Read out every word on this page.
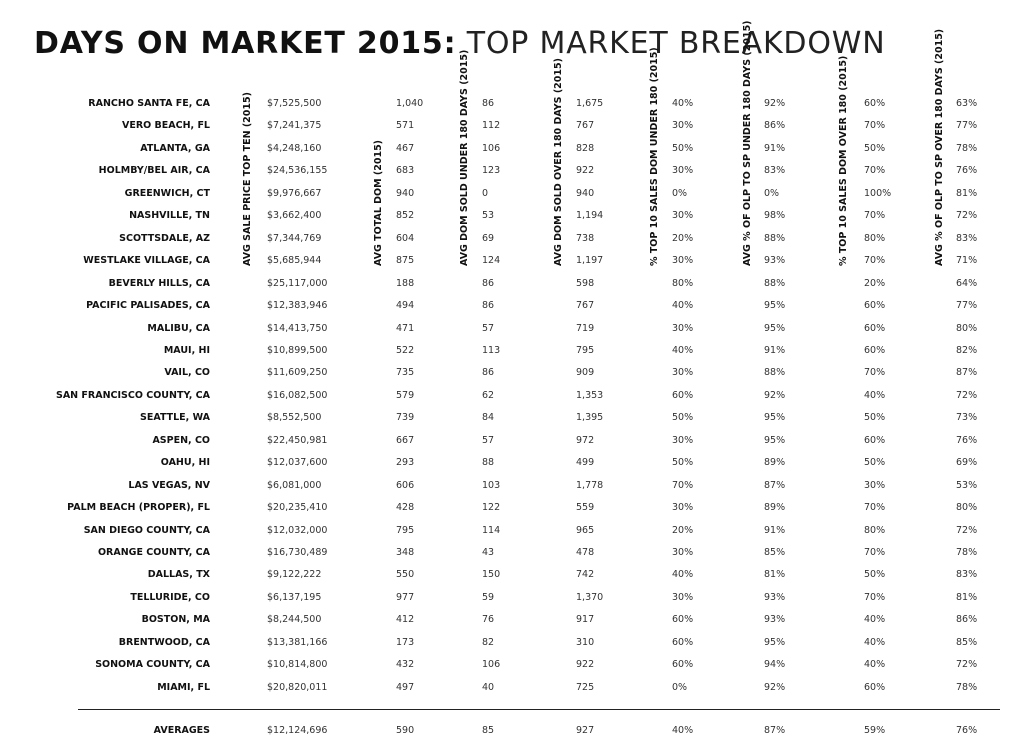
DAYS ON MARKET 2015: TOP MARKET BREAKDOWN
AVG SALE PRICE TOP TEN (2015)	AVG TOTAL DOM (2015)	AVG DOM SOLD UNDER 180 DAYS (2015)	AVG DOM SOLD OVER 180 DAYS (2015)	% TOP 10 SALES DOM UNDER 180 (2015)	AVG % OF OLP TO SP UNDER 180 DAYS (2015)	% TOP 10 SALES DOM OVER 180 (2015)	AVG % OF OLP TO SP OVER 180 DAYS (2015)
RANCHO SANTA FE, CA	$7,525,500	1,040	86	1,675	40%	92%	60%	63%
VERO BEACH, FL	$7,241,375	571	112	767	30%	86%	70%	77%
ATLANTA, GA	$4,248,160	467	106	828	50%	91%	50%	78%
HOLMBY/BEL AIR, CA	$24,536,155	683	123	922	30%	83%	70%	76%
GREENWICH, CT	$9,976,667	940	0	940	0%	0%	100%	81%
NASHVILLE, TN	$3,662,400	852	53	1,194	30%	98%	70%	72%
SCOTTSDALE, AZ	$7,344,769	604	69	738	20%	88%	80%	83%
WESTLAKE VILLAGE, CA	$5,685,944	875	124	1,197	30%	93%	70%	71%
BEVERLY HILLS, CA	$25,117,000	188	86	598	80%	88%	20%	64%
PACIFIC PALISADES, CA	$12,383,946	494	86	767	40%	95%	60%	77%
MALIBU, CA	$14,413,750	471	57	719	30%	95%	60%	80%
MAUI, HI	$10,899,500	522	113	795	40%	91%	60%	82%
VAIL, CO	$11,609,250	735	86	909	30%	88%	70%	87%
SAN FRANCISCO COUNTY, CA	$16,082,500	579	62	1,353	60%	92%	40%	72%
SEATTLE, WA	$8,552,500	739	84	1,395	50%	95%	50%	73%
ASPEN, CO	$22,450,981	667	57	972	30%	95%	60%	76%
OAHU, HI	$12,037,600	293	88	499	50%	89%	50%	69%
LAS VEGAS, NV	$6,081,000	606	103	1,778	70%	87%	30%	53%
PALM BEACH (PROPER), FL	$20,235,410	428	122	559	30%	89%	70%	80%
SAN DIEGO COUNTY, CA	$12,032,000	795	114	965	20%	91%	80%	72%
ORANGE COUNTY, CA	$16,730,489	348	43	478	30%	85%	70%	78%
DALLAS, TX	$9,122,222	550	150	742	40%	81%	50%	83%
TELLURIDE, CO	$6,137,195	977	59	1,370	30%	93%	70%	81%
BOSTON, MA	$8,244,500	412	76	917	60%	93%	40%	86%
BRENTWOOD, CA	$13,381,166	173	82	310	60%	95%	40%	85%
SONOMA COUNTY, CA	$10,814,800	432	106	922	60%	94%	40%	72%
MIAMI, FL	$20,820,011	497	40	725	0%	92%	60%	78%
AVERAGES	$12,124,696	590	85	927	40%	87%	59%	76%
